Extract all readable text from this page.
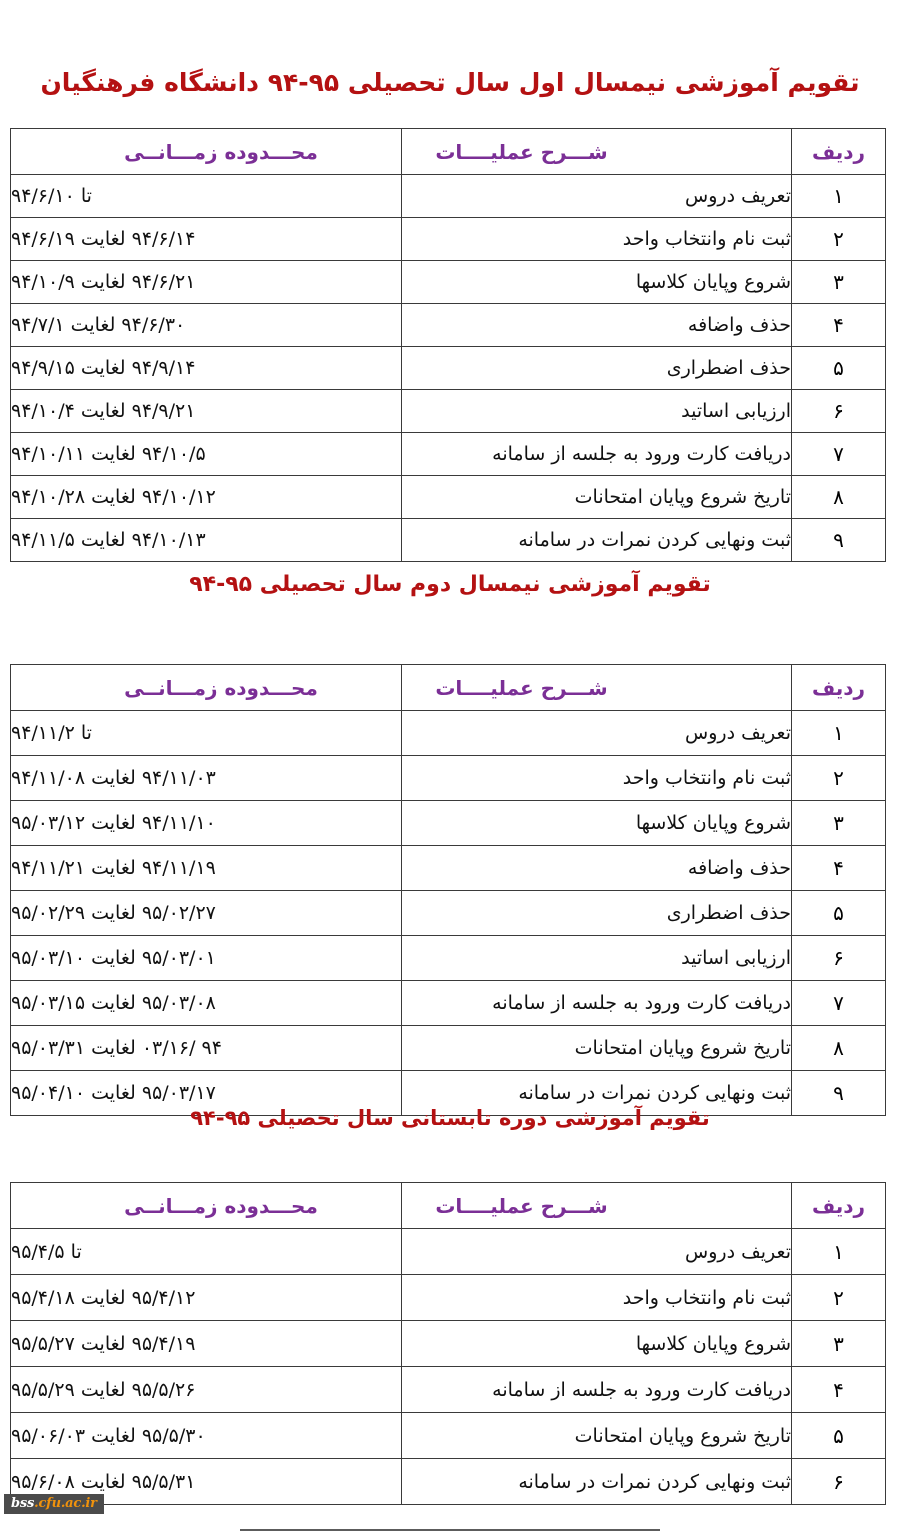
تقویم آموزشی نیمسال اول سال تحصیلی ۹۵-۹۴ دانشگاه فرهنگیان
ردیف	شـــرح عملیــــات	محـــدوده زمـــانــی

۱	تعریف دروس	تا ۹۴/۶/۱۰
۲	ثبت نام وانتخاب واحد	۹۴/۶/۱۴ لغایت ۹۴/۶/۱۹
۳	شروع وپایان کلاسها	۹۴/۶/۲۱ لغایت ۹۴/۱۰/۹
۴	حذف واضافه	۹۴/۶/۳۰ لغایت ۹۴/۷/۱
۵	حذف اضطراری	۹۴/۹/۱۴ لغایت ۹۴/۹/۱۵
۶	ارزیابی اساتید	۹۴/۹/۲۱ لغایت ۹۴/۱۰/۴
۷	دریافت کارت ورود به جلسه از سامانه	۹۴/۱۰/۵ لغایت ۹۴/۱۰/۱۱
۸	تاریخ شروع وپایان امتحانات	۹۴/۱۰/۱۲ لغایت ۹۴/۱۰/۲۸
۹	ثبت ونهایی کردن نمرات در سامانه	۹۴/۱۰/۱۳ لغایت ۹۴/۱۱/۵
تقویم آموزشی نیمسال دوم سال تحصیلی ۹۵-۹۴
ردیف	شـــرح عملیــــات	محـــدوده زمـــانــی

۱	تعریف دروس	تا ۹۴/۱۱/۲
۲	ثبت نام وانتخاب واحد	۹۴/۱۱/۰۳ لغایت ۹۴/۱۱/۰۸
۳	شروع وپایان کلاسها	۹۴/۱۱/۱۰ لغایت ۹۵/۰۳/۱۲
۴	حذف واضافه	۹۴/۱۱/۱۹ لغایت ۹۴/۱۱/۲۱
۵	حذف اضطراری	۹۵/۰۲/۲۷ لغایت ۹۵/۰۲/۲۹
۶	ارزیابی اساتید	۹۵/۰۳/۰۱ لغایت ۹۵/۰۳/۱۰
۷	دریافت کارت ورود به جلسه از سامانه	۹۵/۰۳/۰۸ لغایت ۹۵/۰۳/۱۵
۸	تاریخ شروع وپایان امتحانات	۹۴ /۰۳/۱۶ لغایت ۹۵/۰۳/۳۱
۹	ثبت ونهایی کردن نمرات در سامانه	۹۵/۰۳/۱۷ لغایت ۹۵/۰۴/۱۰
تقویم آموزشی دوره تابستانی سال تحصیلی ۹۵-۹۴
ردیف	شـــرح عملیــــات	محـــدوده زمـــانــی

۱	تعریف دروس	تا ۹۵/۴/۵
۲	ثبت نام وانتخاب واحد	۹۵/۴/۱۲ لغایت ۹۵/۴/۱۸
۳	شروع وپایان کلاسها	۹۵/۴/۱۹ لغایت ۹۵/۵/۲۷
۴	دریافت کارت ورود به جلسه از سامانه	۹۵/۵/۲۶ لغایت ۹۵/۵/۲۹
۵	تاریخ شروع وپایان امتحانات	۹۵/۵/۳۰ لغایت ۹۵/۰۶/۰۳
۶	ثبت ونهایی کردن نمرات در سامانه	۹۵/۵/۳۱ لغایت ۹۵/۶/۰۸
bss.cfu.ac.ir
